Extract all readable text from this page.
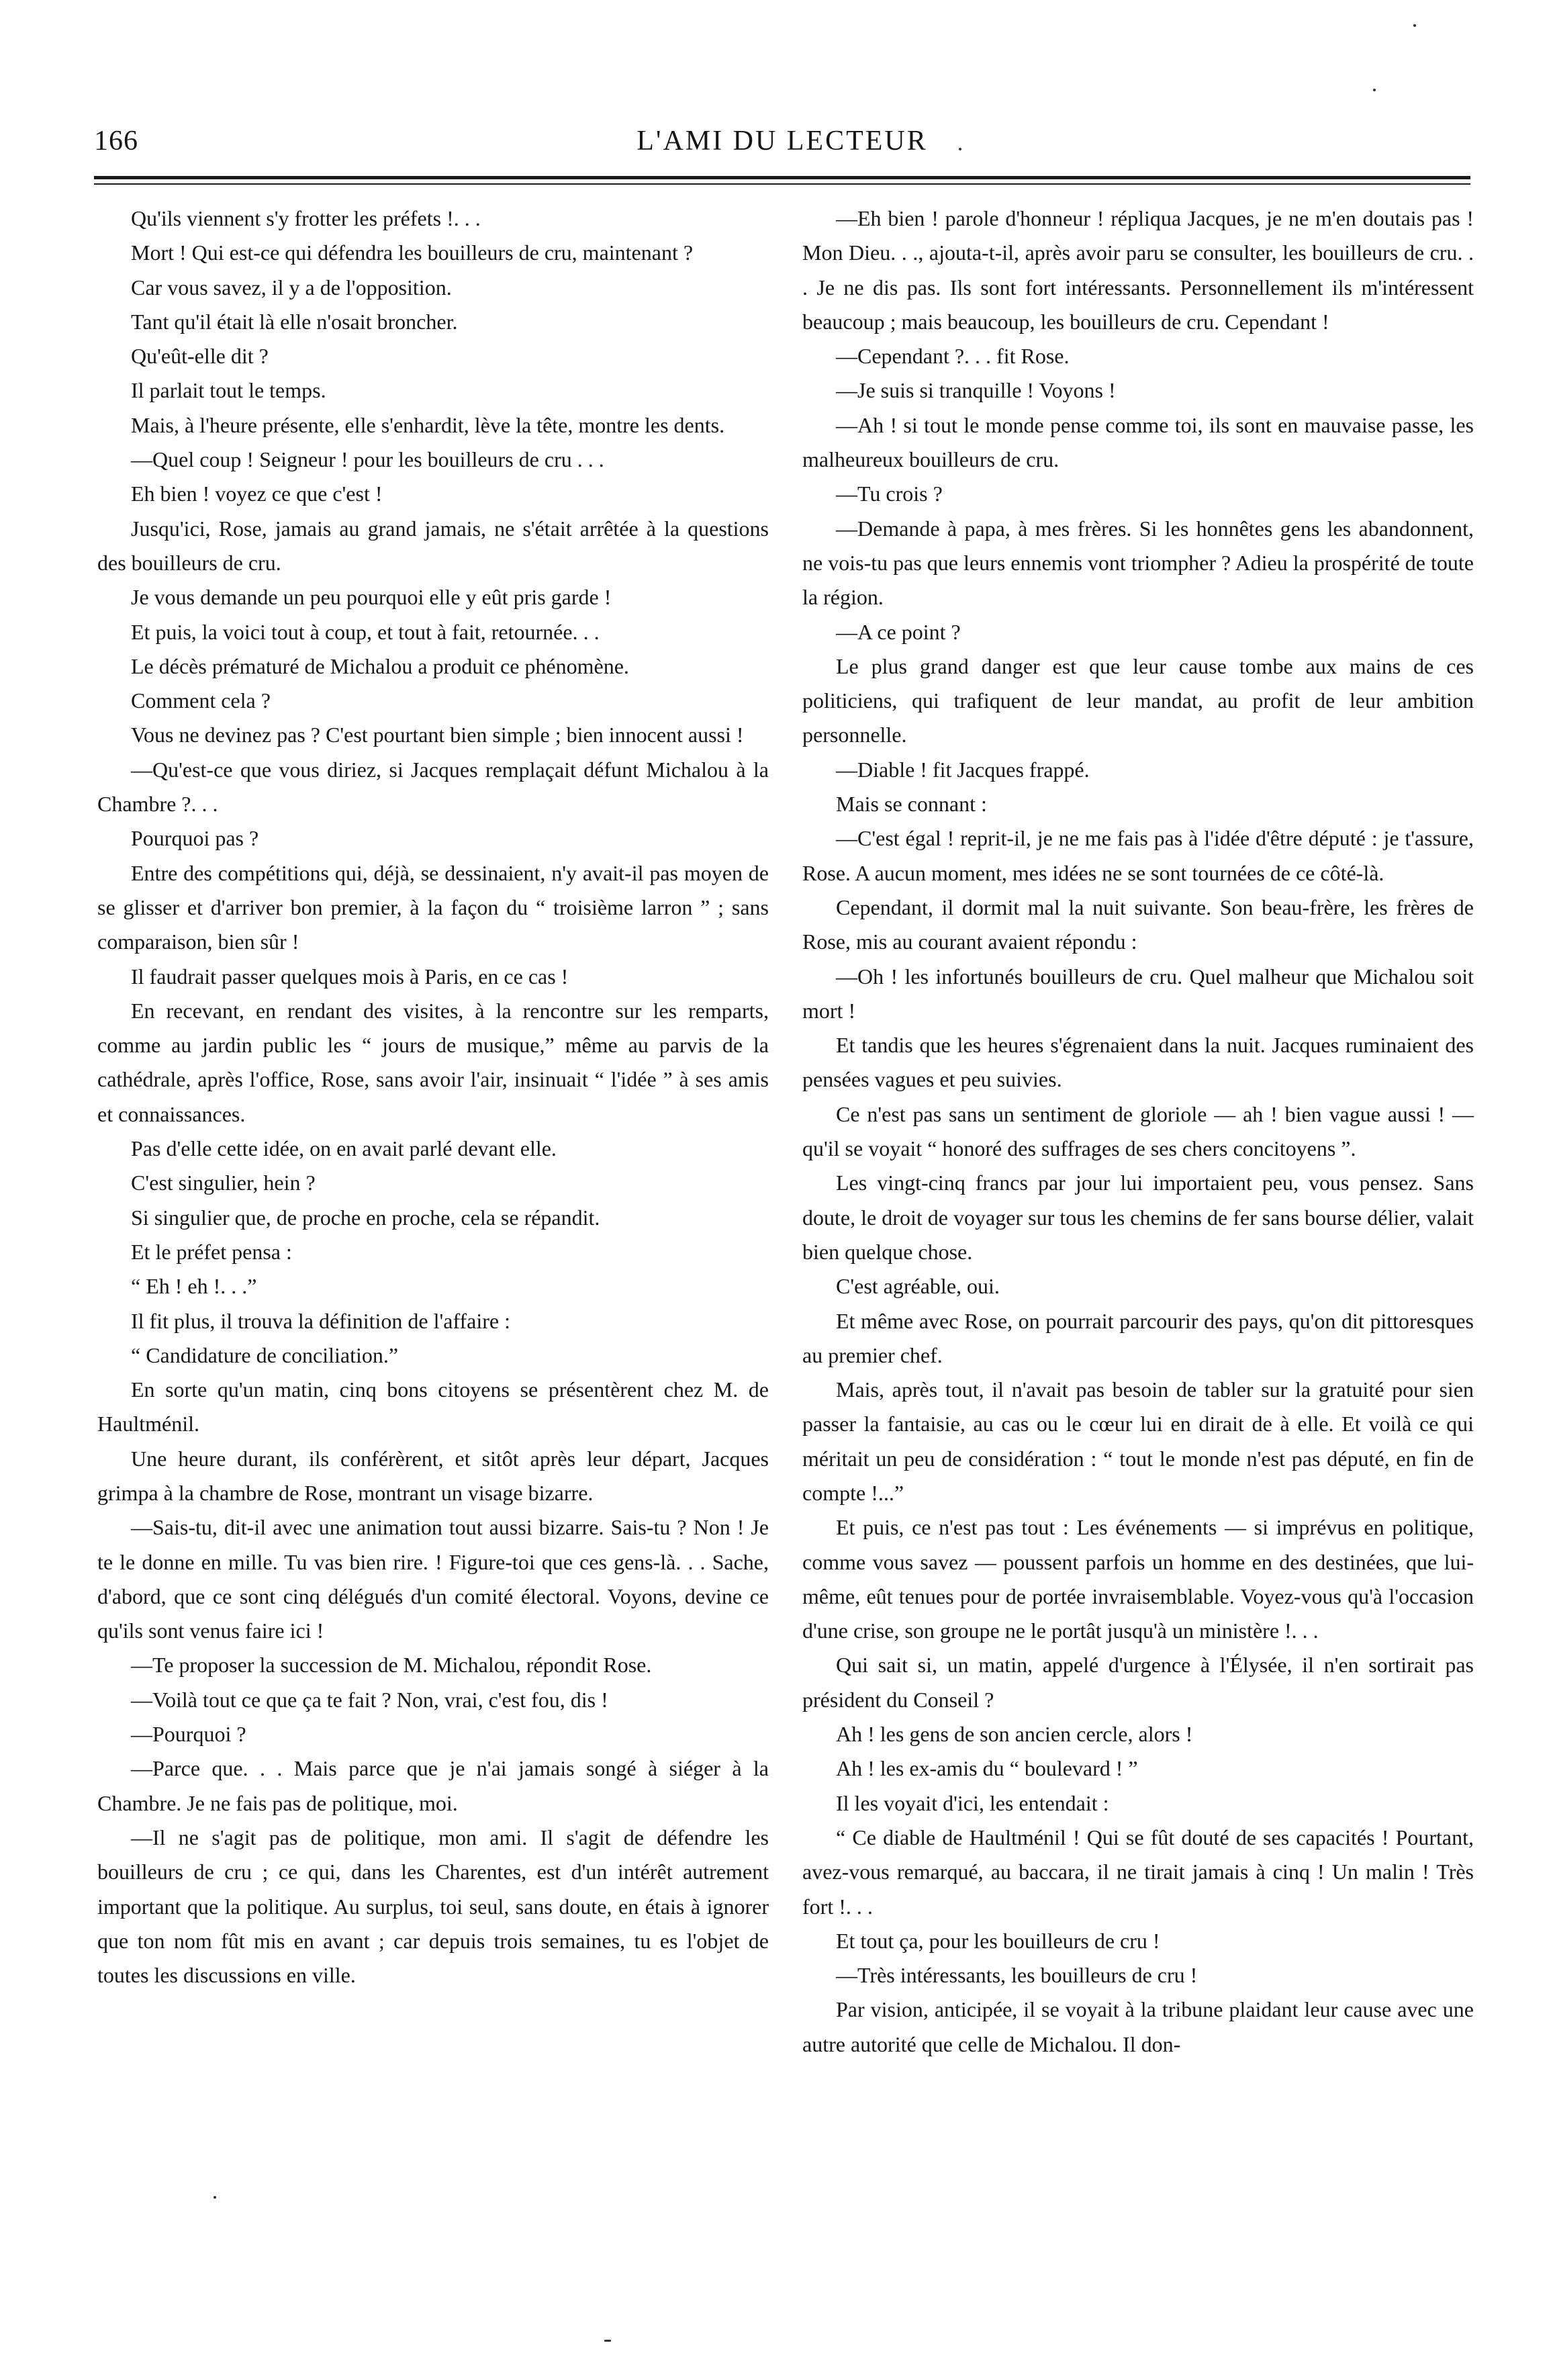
166	L'AMI DU LECTEUR

Qu'ils viennent s'y frotter les préfets !. . .

Mort ! Qui est-ce qui défendra les bouilleurs de cru, maintenant ?

Car vous savez, il y a de l'opposition.

Tant qu'il était là elle n'osait broncher.

Qu'eût-elle dit ?

Il parlait tout le temps.

Mais, à l'heure présente, elle s'enhardit, lève la tête, montre les dents.

—Quel coup ! Seigneur ! pour les bouilleurs de cru . . .

Eh bien ! voyez ce que c'est !

Jusqu'ici, Rose, jamais au grand jamais, ne s'était arrêtée à la questions des bouilleurs de cru.

Je vous demande un peu pourquoi elle y eût pris garde !

Et puis, la voici tout à coup, et tout à fait, retournée. . .

Le décès prématuré de Michalou a produit ce phénomène.

Comment cela ?

Vous ne devinez pas ? C'est pourtant bien simple ; bien innocent aussi !

—Qu'est-ce que vous diriez, si Jacques remplaçait défunt Michalou à la Chambre ?. . .

Pourquoi pas ?

Entre des compétitions qui, déjà, se dessinaient, n'y avait-il pas moyen de se glisser et d'arriver bon premier, à la façon du “ troisième larron ” ; sans comparaison, bien sûr !

Il faudrait passer quelques mois à Paris, en ce cas !

En recevant, en rendant des visites, à la rencontre sur les remparts, comme au jardin public les “ jours de musique,” même au parvis de la cathédrale, après l'office, Rose, sans avoir l'air, insinuait “ l'idée ” à ses amis et connaissances.

Pas d'elle cette idée, on en avait parlé devant elle.

C'est singulier, hein ?

Si singulier que, de proche en proche, cela se répandit.

Et le préfet pensa :

“ Eh ! eh !. . .”

Il fit plus, il trouva la définition de l'affaire :

“ Candidature de conciliation.”

En sorte qu'un matin, cinq bons citoyens se présentèrent chez M. de Haultménil.

Une heure durant, ils conférèrent, et sitôt après leur départ, Jacques grimpa à la chambre de Rose, montrant un visage bizarre.

—Sais-tu, dit-il avec une animation tout aussi bizarre. Sais-tu ? Non ! Je te le donne en mille. Tu vas bien rire. ! Figure-toi que ces gens-là. . . Sache, d'abord, que ce sont cinq délégués d'un comité électoral. Voyons, devine ce qu'ils sont venus faire ici !

—Te proposer la succession de M. Michalou, répondit Rose.

—Voilà tout ce que ça te fait ? Non, vrai, c'est fou, dis !

—Pourquoi ?

—Parce que. . . Mais parce que je n'ai jamais songé à siéger à la Chambre. Je ne fais pas de politique, moi.

—Il ne s'agit pas de politique, mon ami. Il s'agit de défendre les bouilleurs de cru ; ce qui, dans les Charentes, est d'un intérêt autrement important que la politique. Au surplus, toi seul, sans doute, en étais à ignorer que ton nom fût mis en avant ; car depuis trois semaines, tu es l'objet de toutes les discussions en ville.

—Eh bien ! parole d'honneur ! répliqua Jacques, je ne m'en doutais pas ! Mon Dieu. . ., ajouta-t-il, après avoir paru se consulter, les bouilleurs de cru. . . Je ne dis pas. Ils sont fort intéressants. Personnellement ils m'intéressent beaucoup ; mais beaucoup, les bouilleurs de cru. Cependant !

—Cependant ?. . . fit Rose.

—Je suis si tranquille ! Voyons !

—Ah ! si tout le monde pense comme toi, ils sont en mauvaise passe, les malheureux bouilleurs de cru.

—Tu crois ?

—Demande à papa, à mes frères. Si les honnêtes gens les abandonnent, ne vois-tu pas que leurs ennemis vont triompher ? Adieu la prospérité de toute la région.

—A ce point ?

Le plus grand danger est que leur cause tombe aux mains de ces politiciens, qui trafiquent de leur mandat, au profit de leur ambition personnelle.

—Diable ! fit Jacques frappé.

Mais se connant :

—C'est égal ! reprit-il, je ne me fais pas à l'idée d'être député : je t'assure, Rose. A aucun moment, mes idées ne se sont tournées de ce côté-là.

Cependant, il dormit mal la nuit suivante. Son beau-frère, les frères de Rose, mis au courant avaient répondu :

—Oh ! les infortunés bouilleurs de cru. Quel malheur que Michalou soit mort !

Et tandis que les heures s'égrenaient dans la nuit. Jacques ruminaient des pensées vagues et peu suivies.

Ce n'est pas sans un sentiment de gloriole — ah ! bien vague aussi ! — qu'il se voyait “ honoré des suffrages de ses chers concitoyens ”.

Les vingt-cinq francs par jour lui importaient peu, vous pensez. Sans doute, le droit de voyager sur tous les chemins de fer sans bourse délier, valait bien quelque chose.

C'est agréable, oui.

Et même avec Rose, on pourrait parcourir des pays, qu'on dit pittoresques au premier chef.

Mais, après tout, il n'avait pas besoin de tabler sur la gratuité pour sien passer la fantaisie, au cas ou le cœur lui en dirait de à elle. Et voilà ce qui méritait un peu de considération : “ tout le monde n'est pas député, en fin de compte !...”

Et puis, ce n'est pas tout : Les événements — si imprévus en politique, comme vous savez — poussent parfois un homme en des destinées, que lui-même, eût tenues pour de portée invraisemblable. Voyez-vous qu'à l'occasion d'une crise, son groupe ne le portât jusqu'à un ministère !. . .

Qui sait si, un matin, appelé d'urgence à l'Élysée, il n'en sortirait pas président du Conseil ?

Ah ! les gens de son ancien cercle, alors !

Ah ! les ex-amis du “ boulevard ! ”

Il les voyait d'ici, les entendait :

“ Ce diable de Haultménil ! Qui se fût douté de ses capacités ! Pourtant, avez-vous remarqué, au baccara, il ne tirait jamais à cinq ! Un malin ! Très fort !. . .

Et tout ça, pour les bouilleurs de cru !

—Très intéressants, les bouilleurs de cru !

Par vision, anticipée, il se voyait à la tribune plaidant leur cause avec une autre autorité que celle de Michalou. Il don-
